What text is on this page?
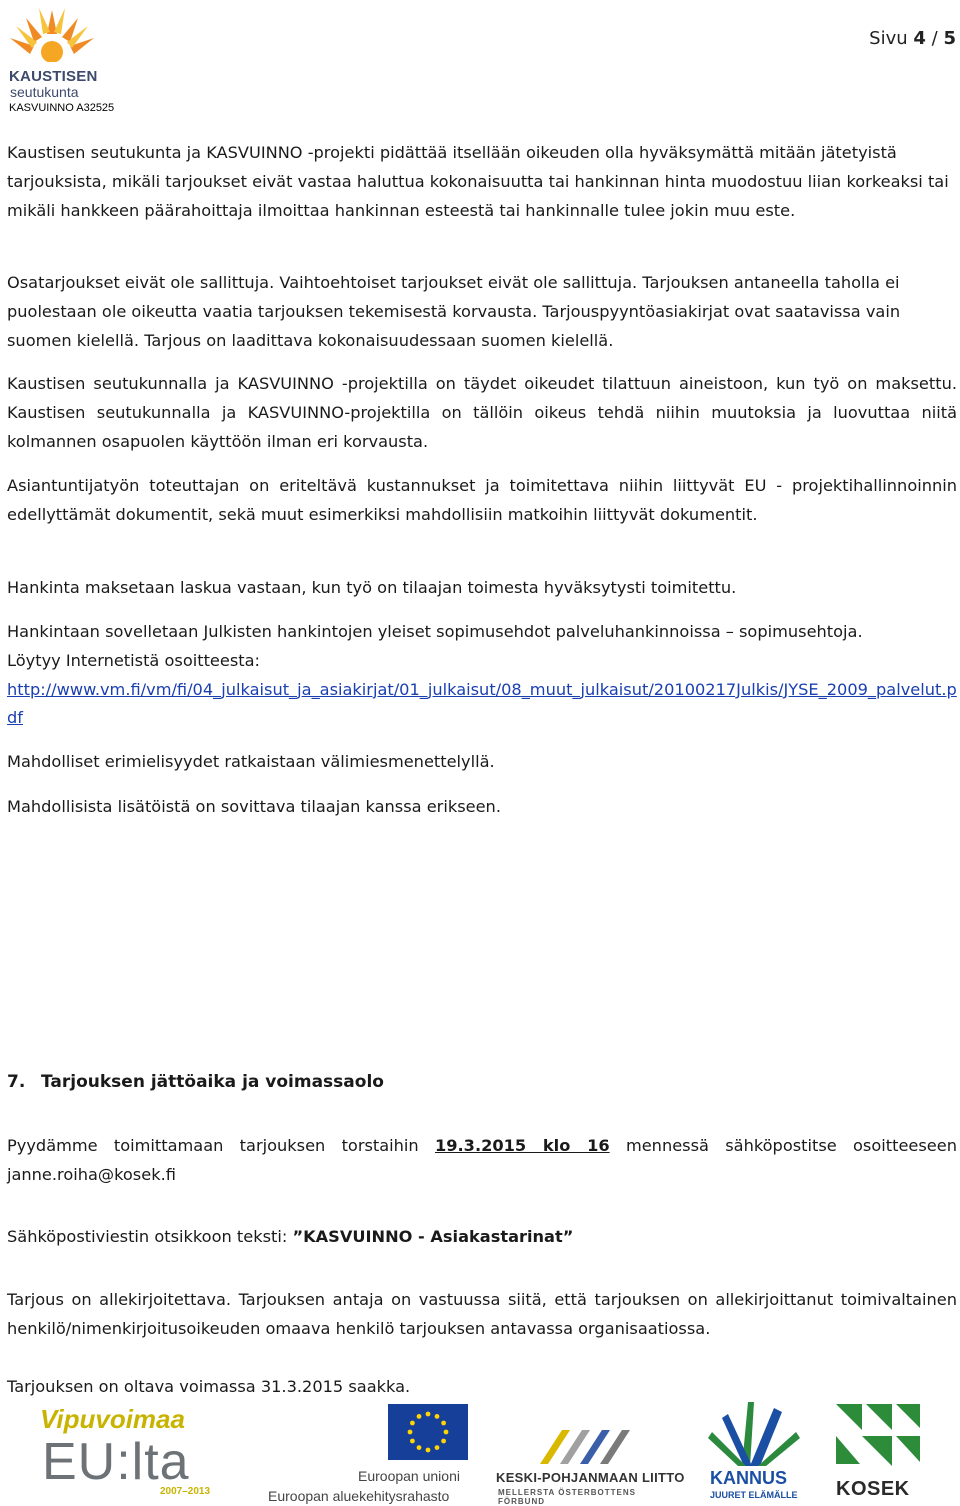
KAUSTISEN
seutukunta
KASVUINNO A32525
Sivu 4 / 5

Kaustisen seutukunta ja KASVUINNO -projekti pidättää itsellään oikeuden olla hyväksymättä mitään jätetyistä tarjouksista, mikäli tarjoukset eivät vastaa haluttua kokonaisuutta tai hankinnan hinta muodostuu liian korkeaksi tai mikäli hankkeen päärahoittaja ilmoittaa hankinnan esteestä tai hankinnalle tulee jokin muu este.

Osatarjoukset eivät ole sallittuja. Vaihtoehtoiset tarjoukset eivät ole sallittuja. Tarjouksen antaneella taholla ei puolestaan ole oikeutta vaatia tarjouksen tekemisestä korvausta. Tarjouspyyntöasiakirjat ovat saatavissa vain suomen kielellä. Tarjous on laadittava kokonaisuudessaan suomen kielellä.

Kaustisen seutukunnalla ja KASVUINNO -projektilla on täydet oikeudet tilattuun aineistoon, kun työ on maksettu. Kaustisen seutukunnalla ja KASVUINNO-projektilla on tällöin oikeus tehdä niihin muutoksia ja luovuttaa niitä kolmannen osapuolen käyttöön ilman eri korvausta.

Asiantuntijatyön toteuttajan on eriteltävä kustannukset ja toimitettava niihin liittyvät EU - projektihallinnoinnin edellyttämät dokumentit, sekä muut esimerkiksi mahdollisiin matkoihin liittyvät dokumentit.

Hankinta maksetaan laskua vastaan, kun työ on tilaajan toimesta hyväksytysti toimitettu.

Hankintaan sovelletaan Julkisten hankintojen yleiset sopimusehdot palveluhankinnoissa – sopimusehtoja.
Löytyy Internetistä osoitteesta:
http://www.vm.fi/vm/fi/04_julkaisut_ja_asiakirjat/01_julkaisut/08_muut_julkaisut/20100217Julkis/JYSE_2009_palvelut.pdf

Mahdolliset erimielisyydet ratkaistaan välimiesmenettelyllä.

Mahdollisista lisätöistä on sovittava tilaajan kanssa erikseen.

7. Tarjouksen jättöaika ja voimassaolo
Pyydämme toimittamaan tarjouksen torstaihin 19.3.2015 klo 16 mennessä sähköpostitse osoitteeseen janne.roiha@kosek.fi
Sähköpostiviestin otsikkoon teksti: ”KASVUINNO - Asiakastarinat”

Tarjous on allekirjoitettava. Tarjouksen antaja on vastuussa siitä, että tarjouksen on allekirjoittanut toimivaltainen henkilö/nimenkirjoitusoikeuden omaava henkilö tarjouksen antavassa organisaatiossa.

Tarjouksen on oltava voimassa 31.3.2015 saakka.

Vipuvoimaa
EU:lta
2007–2013
Euroopan unioni
Euroopan aluekehitysrahasto
KESKI-POHJANMAAN LIITTO
MELLERSTA ÖSTERBOTTENS FÖRBUND
KANNUS
JUURET ELÄMÄLLE KOSEK
